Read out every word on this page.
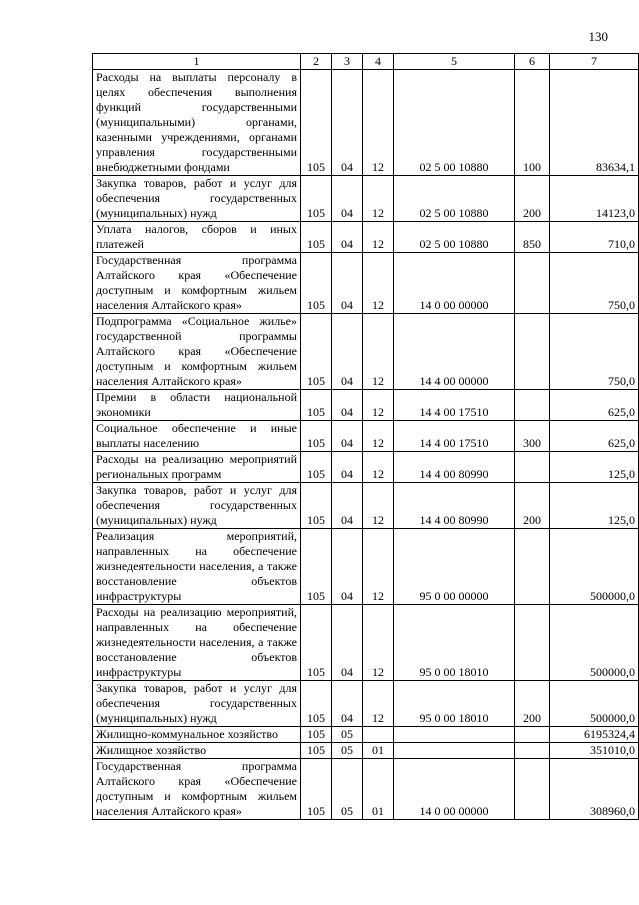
130
1	2	3	4	5	6	7
Расходы на выплаты персоналу в целях обеспечения выполнения функций государственными (муниципальными) органами, казенными учреждениями, органами управления государственными внебюджетными фондами	105	04	12	02 5 00 10880	100	83634,1
Закупка товаров, работ и услуг для обеспечения государственных (муниципальных) нужд	105	04	12	02 5 00 10880	200	14123,0
Уплата налогов, сборов и иных платежей	105	04	12	02 5 00 10880	850	710,0
Государственная программа Алтайского края «Обеспечение доступным и комфортным жильем населения Алтайского края»	105	04	12	14 0 00 00000		750,0
Подпрограмма «Социальное жилье» государственной программы Алтайского края «Обеспечение доступным и комфортным жильем населения Алтайского края»	105	04	12	14 4 00 00000		750,0
Премии в области национальной экономики	105	04	12	14 4 00 17510		625,0
Социальное обеспечение и иные выплаты населению	105	04	12	14 4 00 17510	300	625,0
Расходы на реализацию мероприятий региональных программ	105	04	12	14 4 00 80990		125,0
Закупка товаров, работ и услуг для обеспечения государственных (муниципальных) нужд	105	04	12	14 4 00 80990	200	125,0
Реализация мероприятий, направленных на обеспечение жизнедеятельности населения, а также восстановление объектов инфраструктуры	105	04	12	95 0 00 00000		500000,0
Расходы на реализацию мероприятий, направленных на обеспечение жизнедеятельности населения, а также восстановление объектов инфраструктуры	105	04	12	95 0 00 18010		500000,0
Закупка товаров, работ и услуг для обеспечения государственных (муниципальных) нужд	105	04	12	95 0 00 18010	200	500000,0
Жилищно-коммунальное хозяйство	105	05				6195324,4
Жилищное хозяйство	105	05	01			351010,0
Государственная программа Алтайского края «Обеспечение доступным и комфортным жильем населения Алтайского края»	105	05	01	14 0 00 00000		308960,0
